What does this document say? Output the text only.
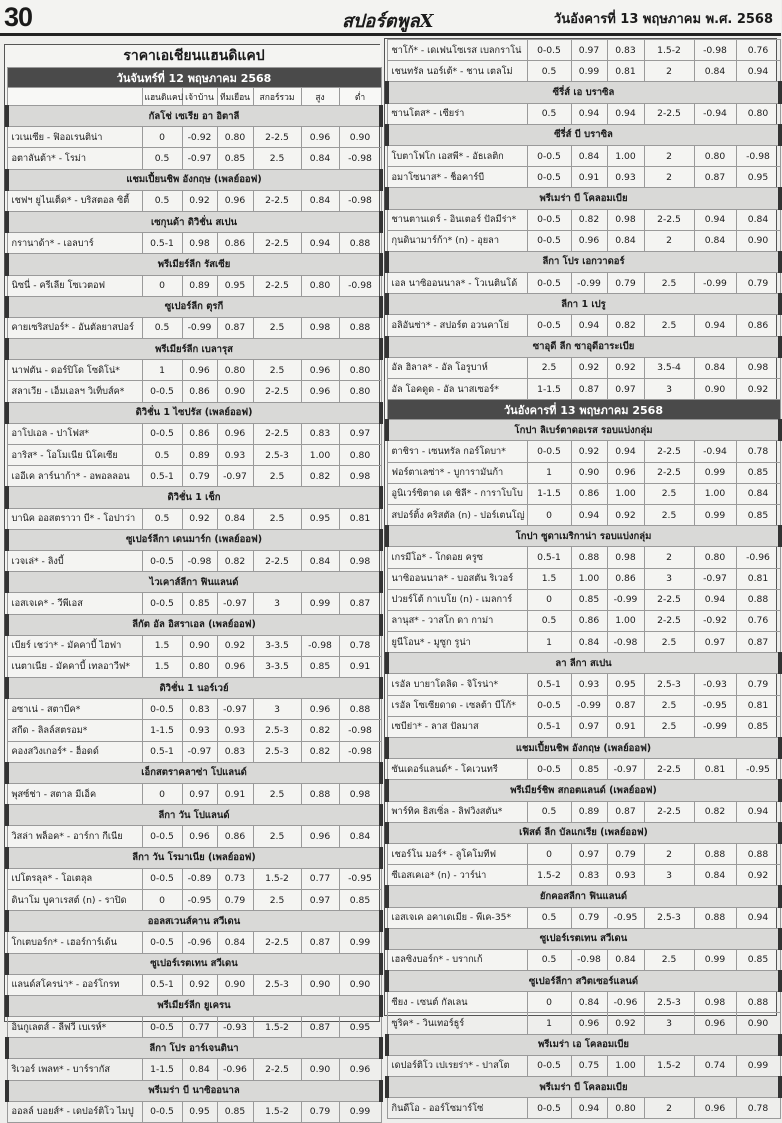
30	สปอร์ตพูลX	วันอังคารที่ 13 พฤษภาคม พ.ศ. 2568
ราคาเอเชียนแฮนดิแคป						
วันจันทร์ที่ 12 พฤษภาคม 2568						
	แฮนดิแคป	เจ้าบ้าน	ทีมเยือน	สกอร์รวม	สูง	ต่ำ
กัลโช่ เซเรีย อา อิตาลี						
เวเนเซีย - ฟิออเรนติน่า	0	-0.92	0.80	2-2.5	0.96	0.90
อตาลันต้า* - โรม่า	0.5	-0.97	0.85	2.5	0.84	-0.98
แชมเปี้ยนชิพ อังกฤษ (เพลย์ออฟ)						
เชฟฯ ยูไนเต็ด* - บริสตอล ซิตี้	0.5	0.92	0.96	2-2.5	0.84	-0.98
เซกุนด้า ดิวิชั่น สเปน						
กรานาด้า* - เอลบาร์	0.5-1	0.98	0.86	2-2.5	0.94	0.88
พรีเมียร์ลีก รัสเซีย						
นิซนี่ - ครีเลีย โซเวตอฟ	0	0.89	0.95	2-2.5	0.80	-0.98
ซูเปอร์ลีก ตุรกี						
คายเซริสปอร์* - อันตัลยาสปอร์	0.5	-0.99	0.87	2.5	0.98	0.88
พรีเมียร์ลีก เบลารุส						
นาฟตัน - ดอร์ปิโด โซดิโน่*	1	0.96	0.80	2.5	0.96	0.80
สลาเวีย - เอ็มเอลฯ วิเท็บส์ค*	0-0.5	0.86	0.90	2-2.5	0.96	0.80
ดิวิชั่น 1 ไซปรัส (เพลย์ออฟ)						
อาโปเอล - ปาโฟส*	0-0.5	0.86	0.96	2-2.5	0.83	0.97
อาริส* - โอโมเนีย นิโคเซีย	0.5	0.89	0.93	2.5-3	1.00	0.80
เออีเค ลาร์นาก้า* - อพอลลอน	0.5-1	0.79	-0.97	2.5	0.82	0.98
ดิวิชั่น 1 เช็ก						
บานิค ออสตราวา บี* - โอปาว่า	0.5	0.92	0.84	2.5	0.95	0.81
ซูเปอร์ลีกา เดนมาร์ก (เพลย์ออฟ)						
เวจเล่* - ลิงบี้	0-0.5	-0.98	0.82	2-2.5	0.84	0.98
ไวเคาส์ลีกา ฟินแลนด์						
เอสเจเค* - วีพีเอส	0-0.5	0.85	-0.97	3	0.99	0.87
ลีกัต อัล อิสราเอล (เพลย์ออฟ)						
เบียร์ เชว่า* - มัคคาบี้ ไฮฟา	1.5	0.90	0.92	3-3.5	-0.98	0.78
เนตาเนีย - มัคคาบี้ เทลอาวีฟ*	1.5	0.80	0.96	3-3.5	0.85	0.91
ดิวิชั่น 1 นอร์เวย์						
อซาเน่ - สตาบีค*	0-0.5	0.83	-0.97	3	0.96	0.88
สกีด - ลิลล์สตรอม*	1-1.5	0.93	0.93	2.5-3	0.82	-0.98
คองสวิงเกอร์* - ฮ็อดด์	0.5-1	-0.97	0.83	2.5-3	0.82	-0.98
เอ็กสตราคลาซ่า โปแลนด์						
พุสซ์ช่า - สตาล มีเอ็ค	0	0.97	0.91	2.5	0.88	0.98
ลีกา วัน โปแลนด์						
วิสล่า พล็อค* - อาร์กา กีเนีย	0-0.5	0.96	0.86	2.5	0.96	0.84
ลีกา วัน โรมาเนีย (เพลย์ออฟ)						
เปโตรลุล* - โอเตลุล	0-0.5	-0.89	0.73	1.5-2	0.77	-0.95
ดินาโม บูคาเรสต์ (n) - ราปิด	0	-0.95	0.79	2.5	0.97	0.85
ออลสเวนส์คาน สวีเดน						
โกเตบอร์ก* - เฮอร์การ์เด้น	0-0.5	-0.96	0.84	2-2.5	0.87	0.99
ซูเปอร์เรตเทน สวีเดน						
แลนด์สโครน่า* - ออร์โกรท	0.5-1	0.92	0.90	2.5-3	0.90	0.90
พรีเมียร์ลีก ยูเครน						
อินกูเลตส์ - ลีฟวี เบเรห์*	0-0.5	0.77	-0.93	1.5-2	0.87	0.95
ลีกา โปร อาร์เจนตินา						
ริเวอร์ เพลท* - บาร์รากัส	1-1.5	0.84	-0.96	2-2.5	0.90	0.96
พรีเมร่า บี นาซิออนาล						
ออลล์ บอยส์* - เดปอร์ติโว ไมปู	0-0.5	0.95	0.85	1.5-2	0.79	0.99
ชาโก้* - เดเฟนโซเรส เบลกราโน่	0-0.5	0.97	0.83	1.5-2	-0.98	0.76
เชนทรัล นอร์เต้* - ชาน เตลโม่	0.5	0.99	0.81	2	0.84	0.94
ซีรี่ส์ เอ บราซิล						
ซานโตส* - เซียร่า	0.5	0.94	0.94	2-2.5	-0.94	0.80
ซีรี่ส์ บี บราซิล						
โบตาโฟโก เอสพี* - อัธเลติก	0-0.5	0.84	1.00	2	0.80	-0.98
อมาโซนาส* - ช็อคาร์บี	0-0.5	0.91	0.93	2	0.87	0.95
พรีเมร่า บี โคลอมเบีย						
ชานตานเดร์ - อินเตอร์ ปัลมีร่า*	0-0.5	0.82	0.98	2-2.5	0.94	0.84
กุนดินามาร์ก้า* (n) - อุยลา	0-0.5	0.96	0.84	2	0.84	0.90
ลีกา โปร เอกวาดอร์						
เอล นาซิออนนาล* - โวเนตินโด้	0-0.5	-0.99	0.79	2.5	-0.99	0.79
ลีกา 1 เปรู						
อลิอันซ่า* - สปอร์ต อวนคาโย่	0-0.5	0.94	0.82	2.5	0.94	0.86
ซาอุดี ลีก ซาอุดีอาระเบีย						
อัล ฮิลาล* - อัล โอรูบาห์	2.5	0.92	0.92	3.5-4	0.84	0.98
อัล โอคดูด - อัล นาสเซอร์*	1-1.5	0.87	0.97	3	0.90	0.92
วันอังคารที่ 13 พฤษภาคม 2568						
โกปา ลิเบร์ตาดอเรส รอบแบ่งกลุ่ม						
ตาชิรา - เซนทรัล กอร์โดบา*	0-0.5	0.92	0.94	2-2.5	-0.94	0.78
ฟอร์ตาเลซ่า* - บูการามันก้า	1	0.90	0.96	2-2.5	0.99	0.85
อูนิเวร์ซิตาด เด ชิลี* - การาโบโบ	1-1.5	0.86	1.00	2.5	1.00	0.84
สปอร์ติ้ง คริสตัล (n) - ปอร์เตนโญ่	0	0.94	0.92	2.5	0.99	0.85
โกปา ซูดาเมริกาน่า รอบแบ่งกลุ่ม						
เกรมีโอ* - โกดอย ครูซ	0.5-1	0.88	0.98	2	0.80	-0.96
นาซิออนนาล* - บอสตัน ริเวอร์	1.5	1.00	0.86	3	-0.97	0.81
ปวยร์โต้ กาเบโย (n) - เมลการ์	0	0.85	-0.99	2-2.5	0.94	0.88
ลานุส* - วาสโก ดา กาม่า	0.5	0.86	1.00	2-2.5	-0.92	0.76
ยูนีโอน* - มูซูก รูน่า	1	0.84	-0.98	2.5	0.97	0.87
ลา ลีกา สเปน						
เรอัล บายาโดลิด - จิโรน่า*	0.5-1	0.93	0.95	2.5-3	-0.93	0.79
เรอัล โซเซียดาด - เซลต้า บีโก้*	0-0.5	-0.99	0.87	2.5	-0.95	0.81
เซบีย่า* - ลาส ปัลมาส	0.5-1	0.97	0.91	2.5	-0.99	0.85
แชมเปี้ยนชิพ อังกฤษ (เพลย์ออฟ)						
ซันเดอร์แลนด์* - โคเวนทรี	0-0.5	0.85	-0.97	2-2.5	0.81	-0.95
พรีเมียร์ชิพ สกอตแลนด์ (เพลย์ออฟ)						
พาร์ทิค ธิสเซิ่ล - ลิฟวิงสตัน*	0.5	0.89	0.87	2-2.5	0.82	0.94
เฟิสต์ ลีก บัลแกเรีย (เพลย์ออฟ)						
เชอร์โน มอร์* - ลูโคโมทีฟ	0	0.97	0.79	2	0.88	0.88
ซีเอสเคเอ* (n) - วาร์น่า	1.5-2	0.83	0.93	3	0.84	0.92
ยักคอสลีกา ฟินแลนด์						
เอสเจเค อคาเดเมีย - พีเค-35*	0.5	0.79	-0.95	2.5-3	0.88	0.94
ซูเปอร์เรตเทน สวีเดน						
เฮลซิงบอร์ก* - บรากเก้	0.5	-0.98	0.84	2.5	0.99	0.85
ซูเปอร์ลีกา สวิตเซอร์แลนด์						
ซียง - เซนต์ กัลเลน	0	0.84	-0.96	2.5-3	0.98	0.88
ซูริค* - วินเทอร์ธูร์	1	0.96	0.92	3	0.96	0.90
พรีเมร่า เอ โคลอมเบีย						
เดปอร์ติโว เปเรยร่า* - ปาสโต	0-0.5	0.75	1.00	1.5-2	0.74	0.99
พรีเมร่า บี โคลอมเบีย						
กินดีโอ - ออร์โซมาร์โซ่	0-0.5	0.94	0.80	2	0.96	0.78
